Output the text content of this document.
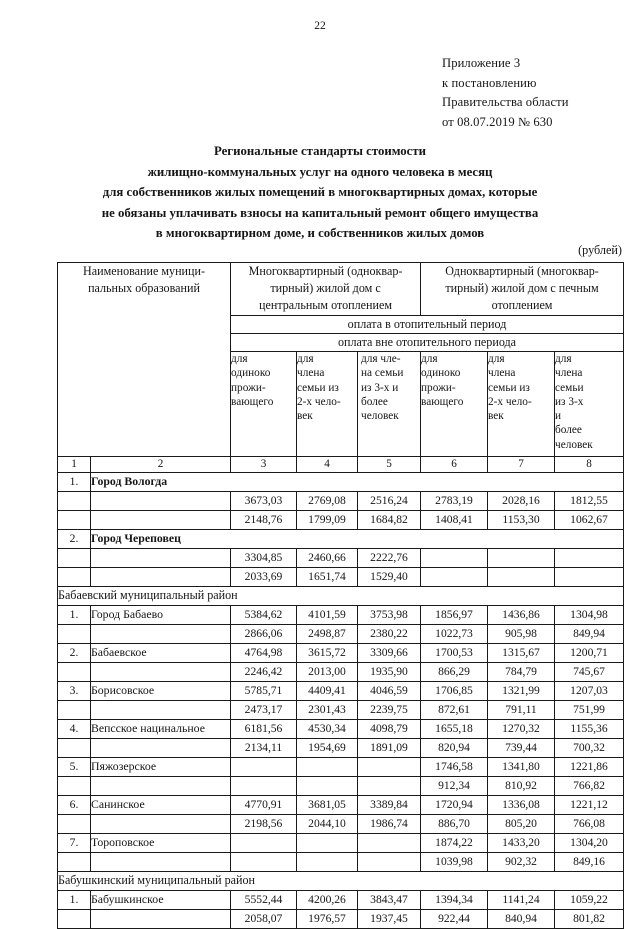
22
Приложение 3
к постановлению
Правительства области
от 08.07.2019 № 630
Региональные стандарты стоимости
жилищно-коммунальных услуг на одного человека в месяц
для собственников жилых помещений в многоквартирных домах, которые
не обязаны уплачивать взносы на капитальный ремонт общего имущества
в многоквартирном доме, и собственников жилых домов
(рублей)
Наименование муници-
пальных образований		Многоквартирный (одноквар-
тирный) жилой дом с
центральным отоплением			Одноквартирный (многоквар-
тирный) жилой дом с печным
отоплением		
		оплата в отопительный период					
		оплата вне отопительного периода					
для
одиноко
прожи-
вающего	для
члена
семьи из
2-х чело-
век	для чле-
на семьи
из 3-х и
более
человек	для
одиноко
прожи-
вающего	для
члена
семьи из
2-х чело-
век	для
члена
семьи
из 3-х
и
более
человек
1	2	3	4	5	6	7	8
1.	Город Вологда						
		3673,03	2769,08	2516,24	2783,19	2028,16	1812,55
		2148,76	1799,09	1684,82	1408,41	1153,30	1062,67
2.	Город Череповец						
		3304,85	2460,66	2222,76			
		2033,69	1651,74	1529,40			
Бабаевский муниципальный район							
1.	Город Бабаево	5384,62	4101,59	3753,98	1856,97	1436,86	1304,98
		2866,06	2498,87	2380,22	1022,73	905,98	849,94
2.	Бабаевское	4764,98	3615,72	3309,66	1700,53	1315,67	1200,71
		2246,42	2013,00	1935,90	866,29	784,79	745,67
3.	Борисовское	5785,71	4409,41	4046,59	1706,85	1321,99	1207,03
		2473,17	2301,43	2239,75	872,61	791,11	751,99
4.	Вепсское нацинальное	6181,56	4530,34	4098,79	1655,18	1270,32	1155,36
		2134,11	1954,69	1891,09	820,94	739,44	700,32
5.	Пяжозерское				1746,58	1341,80	1221,86
					912,34	810,92	766,82
6.	Санинское	4770,91	3681,05	3389,84	1720,94	1336,08	1221,12
		2198,56	2044,10	1986,74	886,70	805,20	766,08
7.	Тороповское				1874,22	1433,20	1304,20
					1039,98	902,32	849,16
Бабушкинский муниципальный район							
1.	Бабушкинское	5552,44	4200,26	3843,47	1394,34	1141,24	1059,22
		2058,07	1976,57	1937,45	922,44	840,94	801,82
